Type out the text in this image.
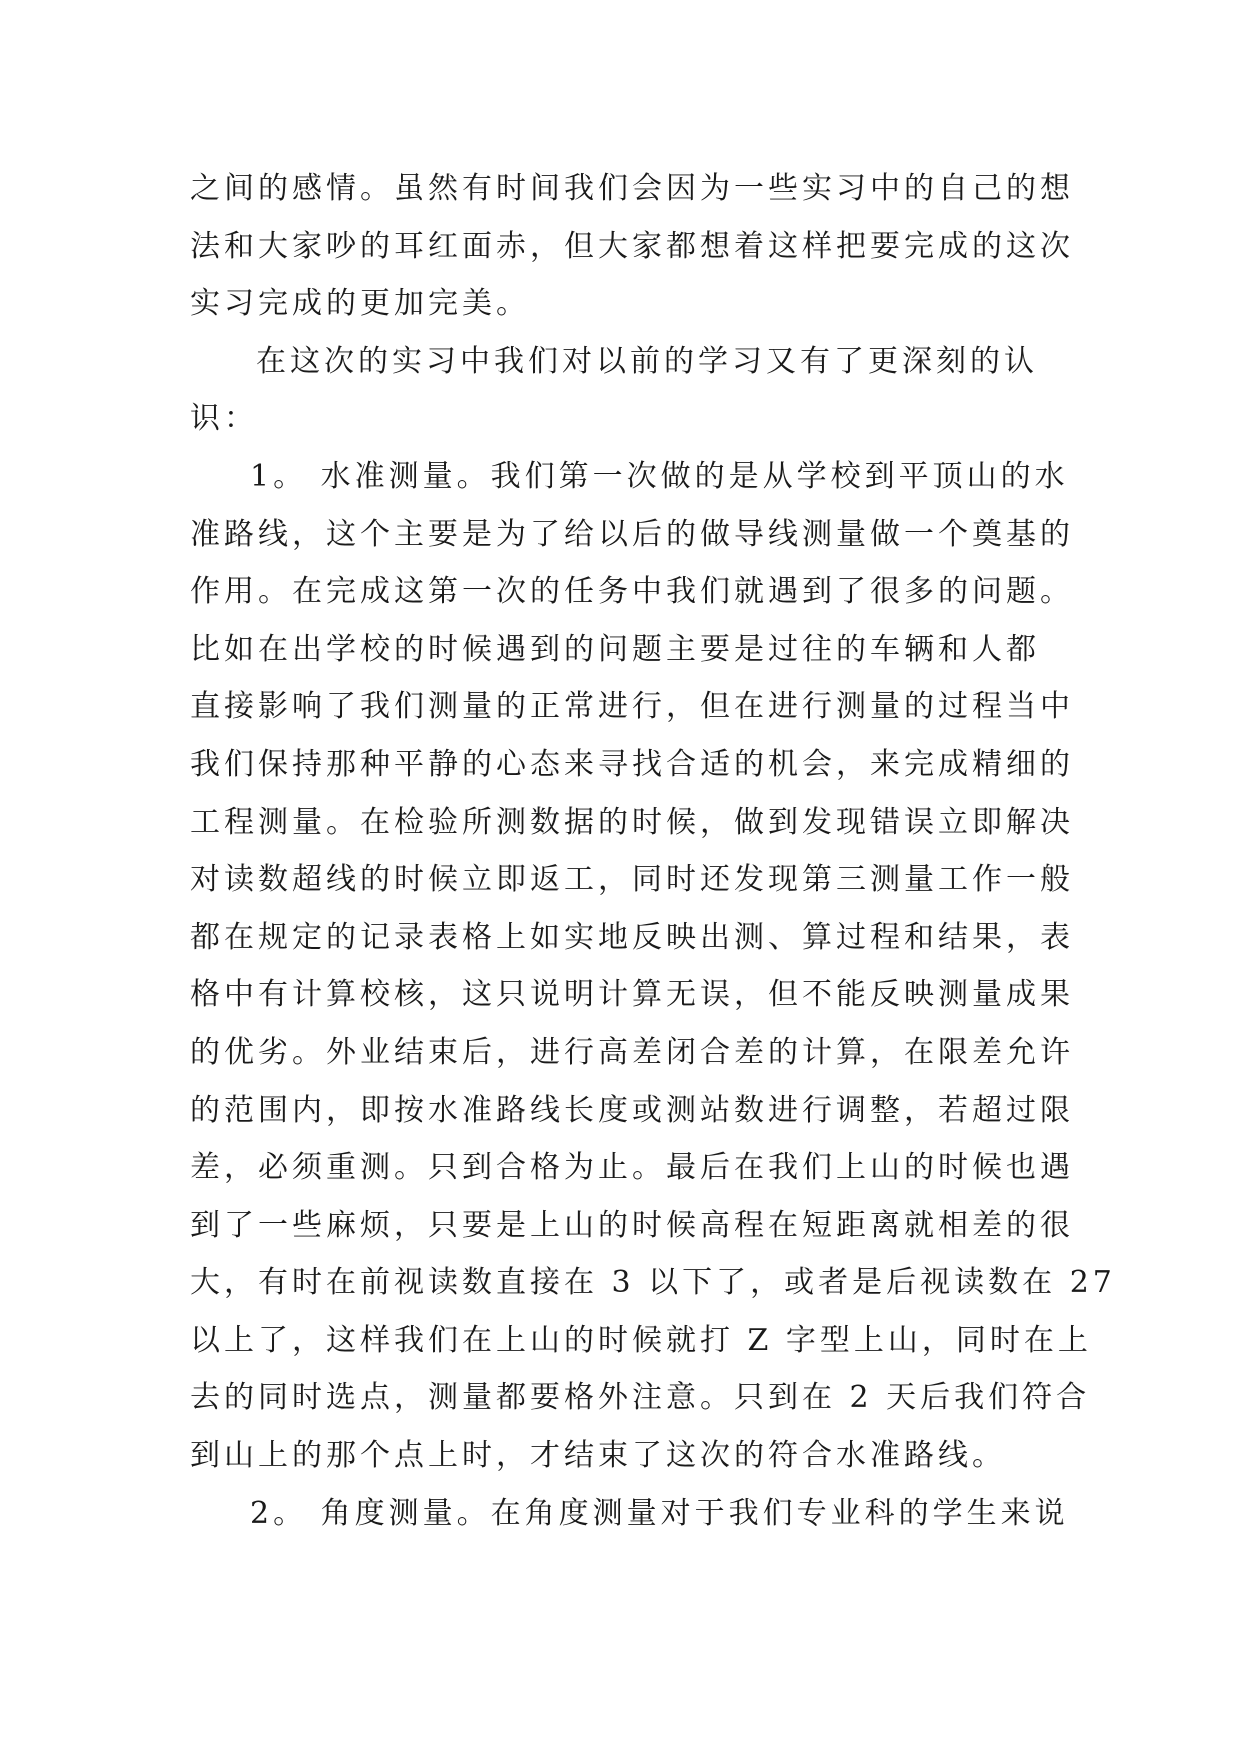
之间的感情。虽然有时间我们会因为一些实习中的自己的想
法和大家吵的耳红面赤，但大家都想着这样把要完成的这次
实习完成的更加完美。
在这次的实习中我们对以前的学习又有了更深刻的认
识：
1。 水准测量。我们第一次做的是从学校到平顶山的水
准路线，这个主要是为了给以后的做导线测量做一个奠基的
作用。在完成这第一次的任务中我们就遇到了很多的问题。
比如在出学校的时候遇到的问题主要是过往的车辆和人都
直接影响了我们测量的正常进行，但在进行测量的过程当中
我们保持那种平静的心态来寻找合适的机会，来完成精细的
工程测量。在检验所测数据的时候，做到发现错误立即解决
对读数超线的时候立即返工，同时还发现第三测量工作一般
都在规定的记录表格上如实地反映出测、算过程和结果，表
格中有计算校核，这只说明计算无误，但不能反映测量成果
的优劣。外业结束后，进行高差闭合差的计算，在限差允许
的范围内，即按水准路线长度或测站数进行调整，若超过限
差，必须重测。只到合格为止。最后在我们上山的时候也遇
到了一些麻烦，只要是上山的时候高程在短距离就相差的很
大，有时在前视读数直接在 3 以下了，或者是后视读数在 27
以上了，这样我们在上山的时候就打 Z 字型上山，同时在上
去的同时选点，测量都要格外注意。只到在 2 天后我们符合
到山上的那个点上时，才结束了这次的符合水准路线。
2。 角度测量。在角度测量对于我们专业科的学生来说
